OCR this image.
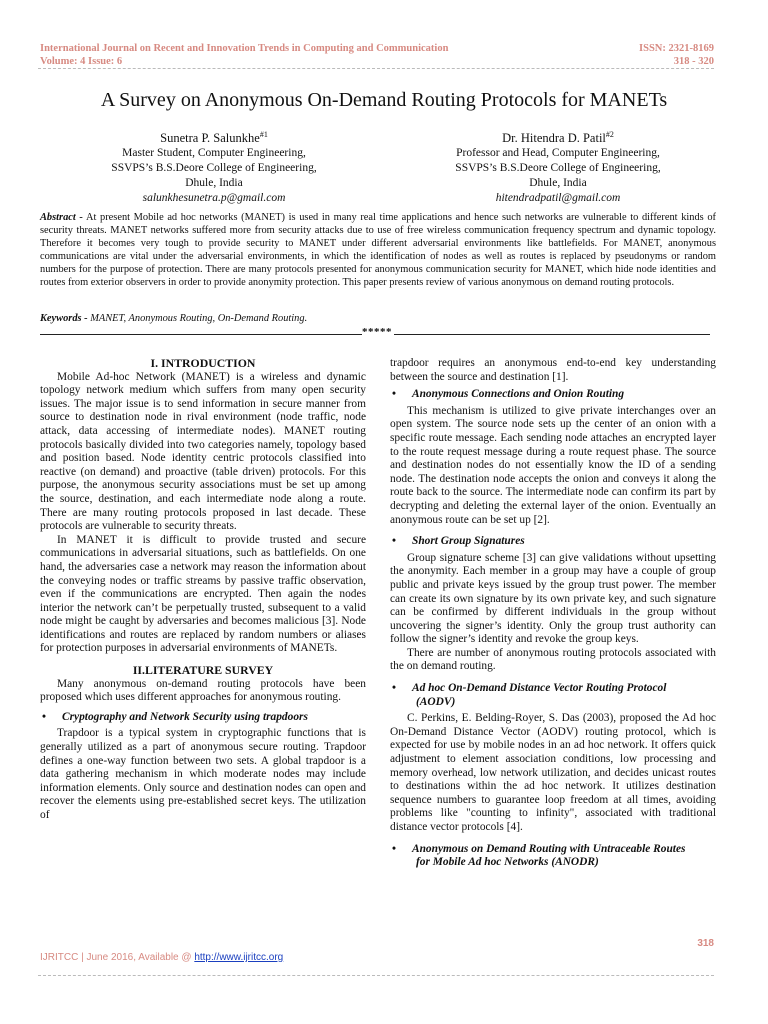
International Journal on Recent and Innovation Trends in Computing and Communication
Volume: 4 Issue: 6
ISSN: 2321-8169
318 - 320
A Survey on Anonymous On-Demand Routing Protocols for MANETs
Sunetra P. Salunkhe$^{\#1}$
Master Student, Computer Engineering,
SSVPS’s B.S.Deore College of Engineering,
Dhule, India
salunkhesunetra.p@gmail.com
Dr. Hitendra D. Patil$^{\#2}$
Professor and Head, Computer Engineering,
SSVPS’s B.S.Deore College of Engineering,
Dhule, India
hitendradpatil@gmail.com
Abstract - At present Mobile ad hoc networks (MANET) is used in many real time applications and hence such networks are vulnerable to different kinds of security threats. MANET networks suffered more from security attacks due to use of free wireless communication frequency spectrum and dynamic topology. Therefore it becomes very tough to provide security to MANET under different adversarial environments like battlefields. For MANET, anonymous communications are vital under the adversarial environments, in which the identification of nodes as well as routes is replaced by pseudonyms or random numbers for the purpose of protection. There are many protocols presented for anonymous communication security for MANET, which hide node identities and routes from exterior observers in order to provide anonymity protection. This paper presents review of various anonymous on demand routing protocols.
Keywords - MANET, Anonymous Routing, On-Demand Routing.
*****

I. INTRODUCTION

Mobile Ad-hoc Network (MANET) is a wireless and dynamic topology network medium which suffers from many open security issues. The major issue is to send information in secure manner from source to destination node in rival environment (node traffic, node attack, data accessing of intermediate nodes). MANET routing protocols basically divided into two categories namely, topology based and position based. Node identity centric protocols classified into reactive (on demand) and proactive (table driven) protocols. For this purpose, the anonymous security associations must be set up among the source, destination, and each intermediate node along a route. There are many routing protocols proposed in last decade. These protocols are vulnerable to security threats.

In MANET it is difficult to provide trusted and secure communications in adversarial situations, such as battlefields. On one hand, the adversaries case a network may reason the information about the conveying nodes or traffic streams by passive traffic observation, even if the communications are encrypted. Then again the nodes interior the network can’t be perpetually trusted, subsequent to a valid node might be caught by adversaries and becomes malicious [3]. Node identifications and routes are replaced by random numbers or aliases for protection purposes in adversarial environments of MANETs.

II.LITERATURE SURVEY

Many anonymous on-demand routing protocols have been proposed which uses different approaches for anonymous routing.

• Cryptography and Network Security using trapdoors

Trapdoor is a typical system in cryptographic functions that is generally utilized as a part of anonymous secure routing. Trapdoor defines a one-way function between two sets. A global trapdoor is a data gathering mechanism in which moderate nodes may include information elements. Only source and destination nodes can open and recover the elements using pre-established secret keys. The utilization of

trapdoor requires an anonymous end-to-end key understanding between the source and destination [1].

• Anonymous Connections and Onion Routing

This mechanism is utilized to give private interchanges over an open system. The source node sets up the center of an onion with a specific route message. Each sending node attaches an encrypted layer to the route request message during a route request phase. The source and destination nodes do not essentially know the ID of a sending node. The destination node accepts the onion and conveys it along the route back to the source. The intermediate node can confirm its part by decrypting and deleting the external layer of the onion. Eventually an anonymous route can be set up [2].

• Short Group Signatures

Group signature scheme [3] can give validations without upsetting the anonymity. Each member in a group may have a couple of group public and private keys issued by the group trust power. The member can create its own signature by its own private key, and such signature can be confirmed by different individuals in the group without uncovering the signer’s identity. Only the group trust authority can follow the signer’s identity and revoke the group keys.

There are number of anonymous routing protocols associated with the on demand routing.

• Ad hoc On-Demand Distance Vector Routing Protocol
(AODV)

C. Perkins, E. Belding-Royer, S. Das (2003), proposed the Ad hoc On-Demand Distance Vector (AODV) routing protocol, which is expected for use by mobile nodes in an ad hoc network. It offers quick adjustment to element association conditions, low processing and memory overhead, low network utilization, and decides unicast routes to destinations within the ad hoc network. It utilizes destination sequence numbers to guarantee loop freedom at all times, avoiding problems like "counting to infinity", associated with traditional distance vector protocols [4].

• Anonymous on Demand Routing with Untraceable Routes
for Mobile Ad hoc Networks (ANODR)
318
IJRITCC | June 2016, Available @ http://www.ijritcc.org
